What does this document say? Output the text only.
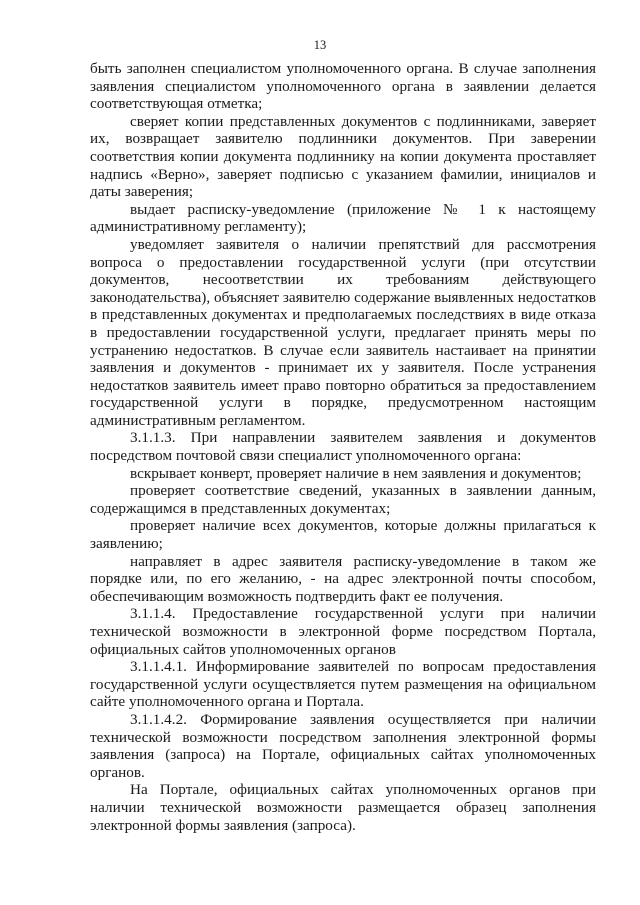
13

быть заполнен специалистом уполномоченного органа. В случае заполнения заявления специалистом уполномоченного органа в заявлении делается соответствующая отметка;

сверяет копии представленных документов с подлинниками, заверяет их, возвращает заявителю подлинники документов. При заверении соответствия копии документа подлиннику на копии документа проставляет надпись «Верно», заверяет подписью с указанием фамилии, инициалов и даты заверения;

выдает расписку-уведомление (приложение № 1 к настоящему административному регламенту);

уведомляет заявителя о наличии препятствий для рассмотрения вопроса о предоставлении государственной услуги (при отсутствии документов, несоответствии их требованиям действующего законодательства), объясняет заявителю содержание выявленных недостатков в представленных документах и предполагаемых последствиях в виде отказа в предоставлении государственной услуги, предлагает принять меры по устранению недостатков. В случае если заявитель настаивает на принятии заявления и документов - принимает их у заявителя. После устранения недостатков заявитель имеет право повторно обратиться за предоставлением государственной услуги в порядке, предусмотренном настоящим административным регламентом.

3.1.1.3. При направлении заявителем заявления и документов посредством почтовой связи специалист уполномоченного органа:

вскрывает конверт, проверяет наличие в нем заявления и документов;

проверяет соответствие сведений, указанных в заявлении данным, содержащимся в представленных документах;

проверяет наличие всех документов, которые должны прилагаться к заявлению;

направляет в адрес заявителя расписку-уведомление в таком же порядке или, по его желанию, - на адрес электронной почты способом, обеспечивающим возможность подтвердить факт ее получения.

3.1.1.4. Предоставление государственной услуги при наличии технической возможности в электронной форме посредством Портала, официальных сайтов уполномоченных органов

3.1.1.4.1. Информирование заявителей по вопросам предоставления государственной услуги осуществляется путем размещения на официальном сайте уполномоченного органа и Портала.

3.1.1.4.2. Формирование заявления осуществляется при наличии технической возможности посредством заполнения электронной формы заявления (запроса) на Портале, официальных сайтах уполномоченных органов.

На Портале, официальных сайтах уполномоченных органов при наличии технической возможности размещается образец заполнения электронной формы заявления (запроса).
